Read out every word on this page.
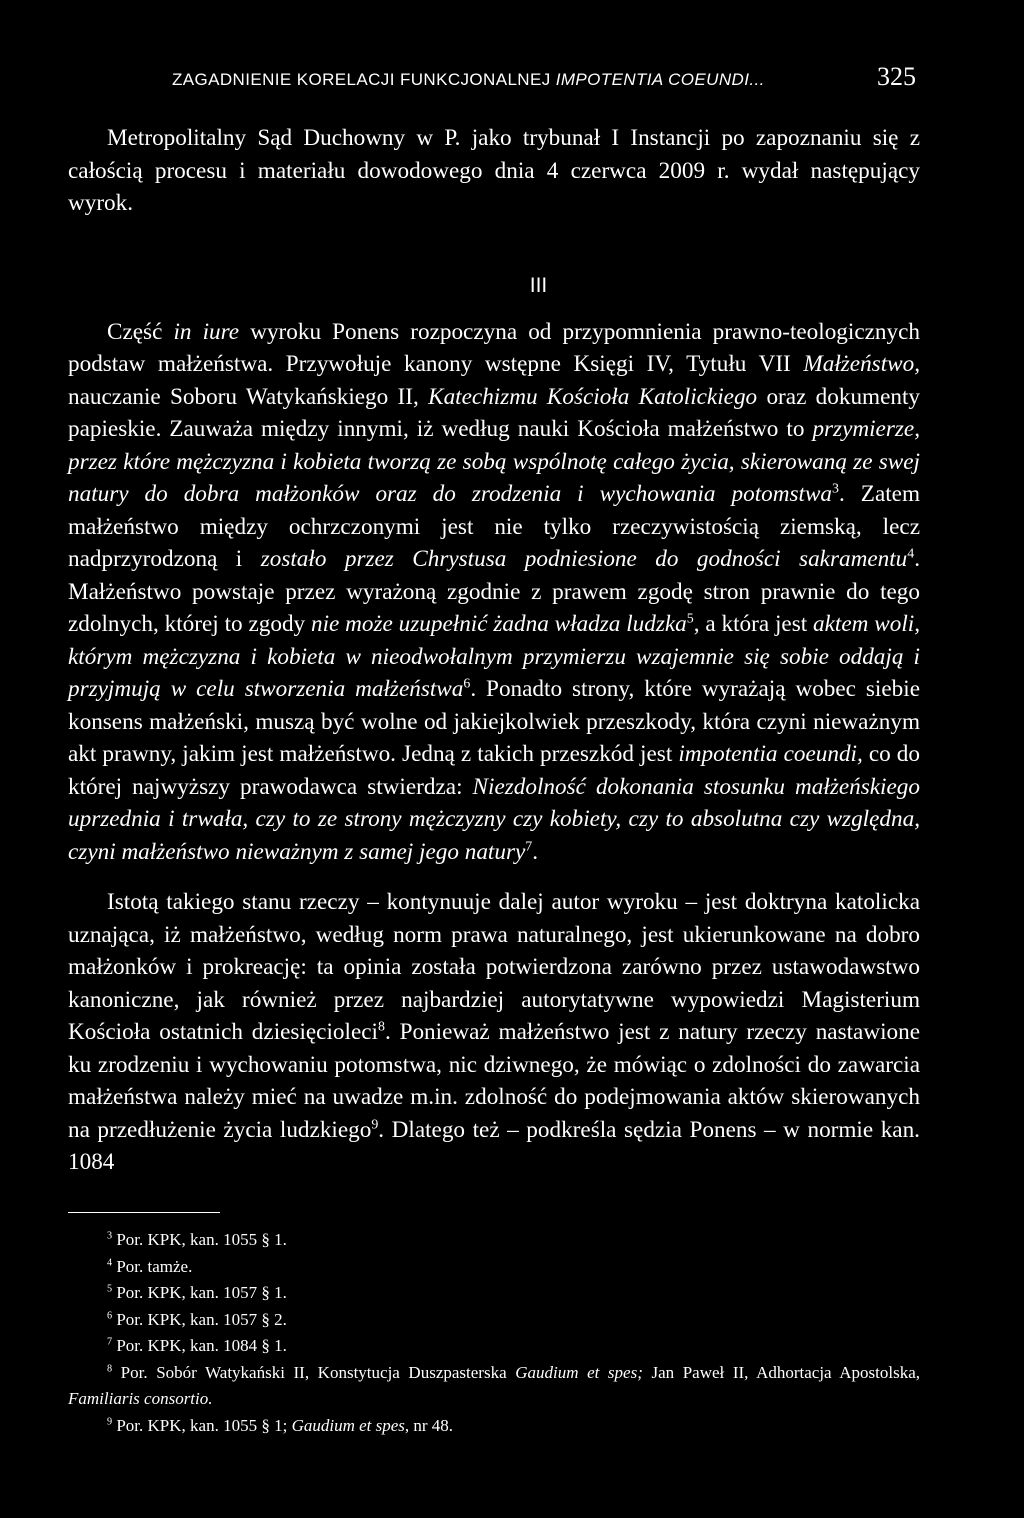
ZAGADNIENIE KORELACJI FUNKCJONALNEJ IMPOTENTIA COEUNDI...	325

Metropolitalny Sąd Duchowny w P. jako trybunał I Instancji po zapoznaniu się z całością procesu i materiału dowodowego dnia 4 czerwca 2009 r. wydał następujący wyrok.

III

Część in iure wyroku Ponens rozpoczyna od przypomnienia prawno-teologicznych podstaw małżeństwa. Przywołuje kanony wstępne Księgi IV, Tytułu VII Małżeństwo, nauczanie Soboru Watykańskiego II, Katechizmu Kościoła Katolickiego oraz dokumenty papieskie. Zauważa między innymi, iż według nauki Kościoła małżeństwo to przymierze, przez które mężczyzna i kobieta tworzą ze sobą wspólnotę całego życia, skierowaną ze swej natury do dobra małżonków oraz do zrodzenia i wychowania potomstwa$^3$. Zatem małżeństwo między ochrzczonymi jest nie tylko rzeczywistością ziemską, lecz nadprzyrodzoną i zostało przez Chrystusa podniesione do godności sakramentu$^4$. Małżeństwo powstaje przez wyrażoną zgodnie z prawem zgodę stron prawnie do tego zdolnych, której to zgody nie może uzupełnić żadna władza ludzka$^5$, a która jest aktem woli, którym mężczyzna i kobieta w nieodwołalnym przymierzu wzajemnie się sobie oddają i przyjmują w celu stworzenia małżeństwa$^6$. Ponadto strony, które wyrażają wobec siebie konsens małżeński, muszą być wolne od jakiejkolwiek przeszkody, która czyni nieważnym akt prawny, jakim jest małżeństwo. Jedną z takich przeszkód jest impotentia coeundi, co do której najwyższy prawodawca stwierdza: Niezdolność dokonania stosunku małżeńskiego uprzednia i trwała, czy to ze strony mężczyzny czy kobiety, czy to absolutna czy względna, czyni małżeństwo nieważnym z samej jego natury$^7$.

Istotą takiego stanu rzeczy – kontynuuje dalej autor wyroku – jest doktryna katolicka uznająca, iż małżeństwo, według norm prawa naturalnego, jest ukierunkowane na dobro małżonków i prokreację: ta opinia została potwierdzona zarówno przez ustawodawstwo kanoniczne, jak również przez najbardziej autorytatywne wypowiedzi Magisterium Kościoła ostatnich dziesięcioleci$^8$. Ponieważ małżeństwo jest z natury rzeczy nastawione ku zrodzeniu i wychowaniu potomstwa, nic dziwnego, że mówiąc o zdolności do zawarcia małżeństwa należy mieć na uwadze m.in. zdolność do podejmowania aktów skierowanych na przedłużenie życia ludzkiego$^9$. Dlatego też – podkreśla sędzia Ponens – w normie kan. 1084

$^3$ Por. KPK, kan. 1055 § 1.

$^4$ Por. tamże.

$^5$ Por. KPK, kan. 1057 § 1.

$^6$ Por. KPK, kan. 1057 § 2.

$^7$ Por. KPK, kan. 1084 § 1.

$^8$ Por. Sobór Watykański II, Konstytucja Duszpasterska Gaudium et spes; Jan Paweł II, Adhortacja Apostolska, Familiaris consortio.

$^9$ Por. KPK, kan. 1055 § 1; Gaudium et spes, nr 48.
